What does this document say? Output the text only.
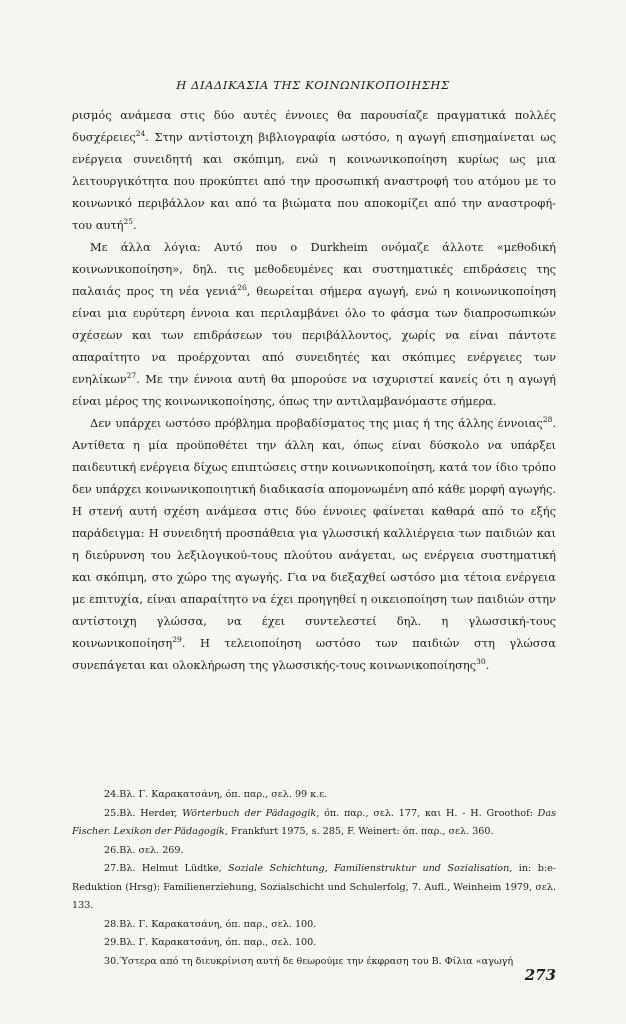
Η ΔΙΑΔΙΚΑΣΙΑ ΤΗΣ ΚΟΙΝΩΝΙΚΟΠΟΙΗΣΗΣ

ρισμός ανάμεσα στις δύο αυτές έννοιες θα παρουσίαζε πραγματικά πολλές δυσχέρειες$^{24}$. Στην αντίστοιχη βιβλιογραφία ωστόσο, η αγωγή επισημαίνεται ως ενέργεια συνειδητή και σκόπιμη, ενώ η κοινωνικοποίηση κυρίως ως μια λειτουργικότητα που προκύπτει από την προσωπική αναστροφή του ατόμου με το κοινωνικό περιβάλλον και από τα βιώματα που αποκομίζει από την αναστροφή-του αυτή$^{25}$.

Με άλλα λόγια: Αυτό που ο Durkheim ονόμαζε άλλοτε «μεθοδική κοινωνικοποίηση», δηλ. τις μεθοδευμένες και συστηματικές επιδράσεις της παλαιάς προς τη νέα γενιά$^{26}$, θεωρείται σήμερα αγωγή, ενώ η κοινωνικοποίηση είναι μια ευρύτερη έννοια και περιλαμβάνει όλο το φάσμα των διαπροσωπικών σχέσεων και των επιδράσεων του περιβάλλοντος, χωρίς να είναι πάντοτε απαραίτητο να προέρχονται από συνειδητές και σκόπιμες ενέργειες των ενηλίκων$^{27}$. Με την έννοια αυτή θα μπορούσε να ισχυριστεί κανείς ότι η αγωγή είναι μέρος της κοινωνικοποίησης, όπως την αντιλαμβανόμαστε σήμερα.

Δεν υπάρχει ωστόσο πρόβλημα προβαδίσματος της μιας ή της άλλης έννοιας$^{28}$. Αντίθετα η μία προϋποθέτει την άλλη και, όπως είναι δύσκολο να υπάρξει παιδευτική ενέργεια δίχως επιπτώσεις στην κοινωνικοποίηση, κατά τον ίδιο τρόπο δεν υπάρχει κοινωνικοποιητική διαδικασία απομονωμένη από κάθε μορφή αγωγής. Η στενή αυτή σχέση ανάμεσα στις δύο έννοιες φαίνεται καθαρά από το εξής παράδειγμα: Η συνειδητή προσπάθεια για γλωσσική καλλιέργεια των παιδιών και η διεύρυνση του λεξιλογικού-τους πλούτου ανάγεται, ως ενέργεια συστηματική και σκόπιμη, στο χώρο της αγωγής. Για να διεξαχθεί ωστόσο μια τέτοια ενέργεια με επιτυχία, είναι απαραίτητο να έχει προηγηθεί η οικειοποίηση των παιδιών στην αντίστοιχη γλώσσα, να έχει συντελεστεί δηλ. η γλωσσική-τους κοινωνικοποίηση$^{29}$. Η τελειοποίηση ωστόσο των παιδιών στη γλώσσα συνεπάγεται και ολοκλήρωση της γλωσσικής-τους κοινωνικοποίησης$^{30}$.

24.Βλ. Γ. Καρακατσάνη, όπ. παρ., σελ. 99 κ.ε.

25.Βλ. Herder, Wörterbuch der Pädagogik, όπ. παρ., σελ. 177, και H. - H. Groothof: Das Fischer. Lexikon der Pädagogik, Frankfurt 1975, s. 285, F. Weinert: όπ. παρ., σελ. 360.

26.Βλ. σελ. 269.

27.Βλ. Helmut Lüdtke, Soziale Schichtung, Familienstruktur und Sozialisation, in: b:e-Reduktion (Hrsg): Familienerziehung, Sozialschicht und Schulerfolg, 7. Aufl., Weinheim 1979, σελ. 133.

28.Βλ. Γ. Καρακατσάνη, όπ. παρ., σελ. 100.

29.Βλ. Γ. Καρακατσάνη, όπ. παρ., σελ. 100.

30.Ύστερα από τη διευκρίνιση αυτή δε θεωρούμε την έκφραση του Β. Φίλια «αγωγή

273
